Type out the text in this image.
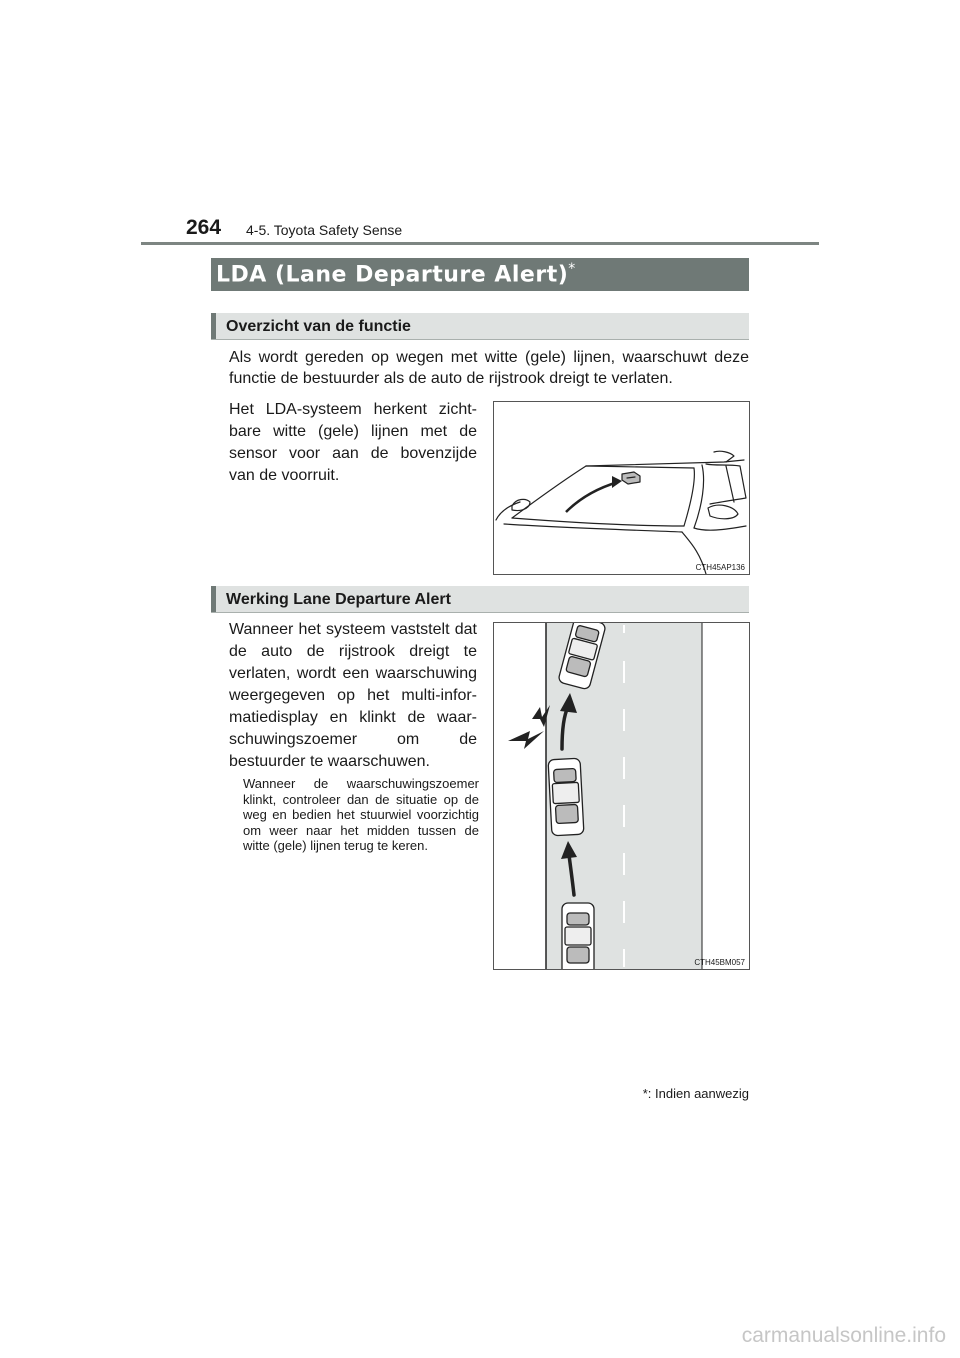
264 4-5. Toyota Safety Sense
LDA (Lane Departure Alert)*
Overzicht van de functie
Als wordt gereden op wegen met witte (gele) lijnen, waarschuwt deze functie de bestuurder als de auto de rijstrook dreigt te verlaten.
Het LDA-systeem herkent zichtbare witte (gele) lijnen met de sensor voor aan de bovenzijde van de voorruit.
CTH45AP136
Werking Lane Departure Alert
Wanneer het systeem vaststelt dat de auto de rijstrook dreigt te verlaten, wordt een waarschuwing weergegeven op het multi-informatiedisplay en klinkt de waarschuwingszoemer om de bestuurder te waarschuwen.
Wanneer de waarschuwingszoemer klinkt, controleer dan de situatie op de weg en bedien het stuurwiel voorzichtig om weer naar het midden tussen de witte (gele) lijnen terug te keren.
CTH45BM057
*: Indien aanwezig
carmanualsonline.info
